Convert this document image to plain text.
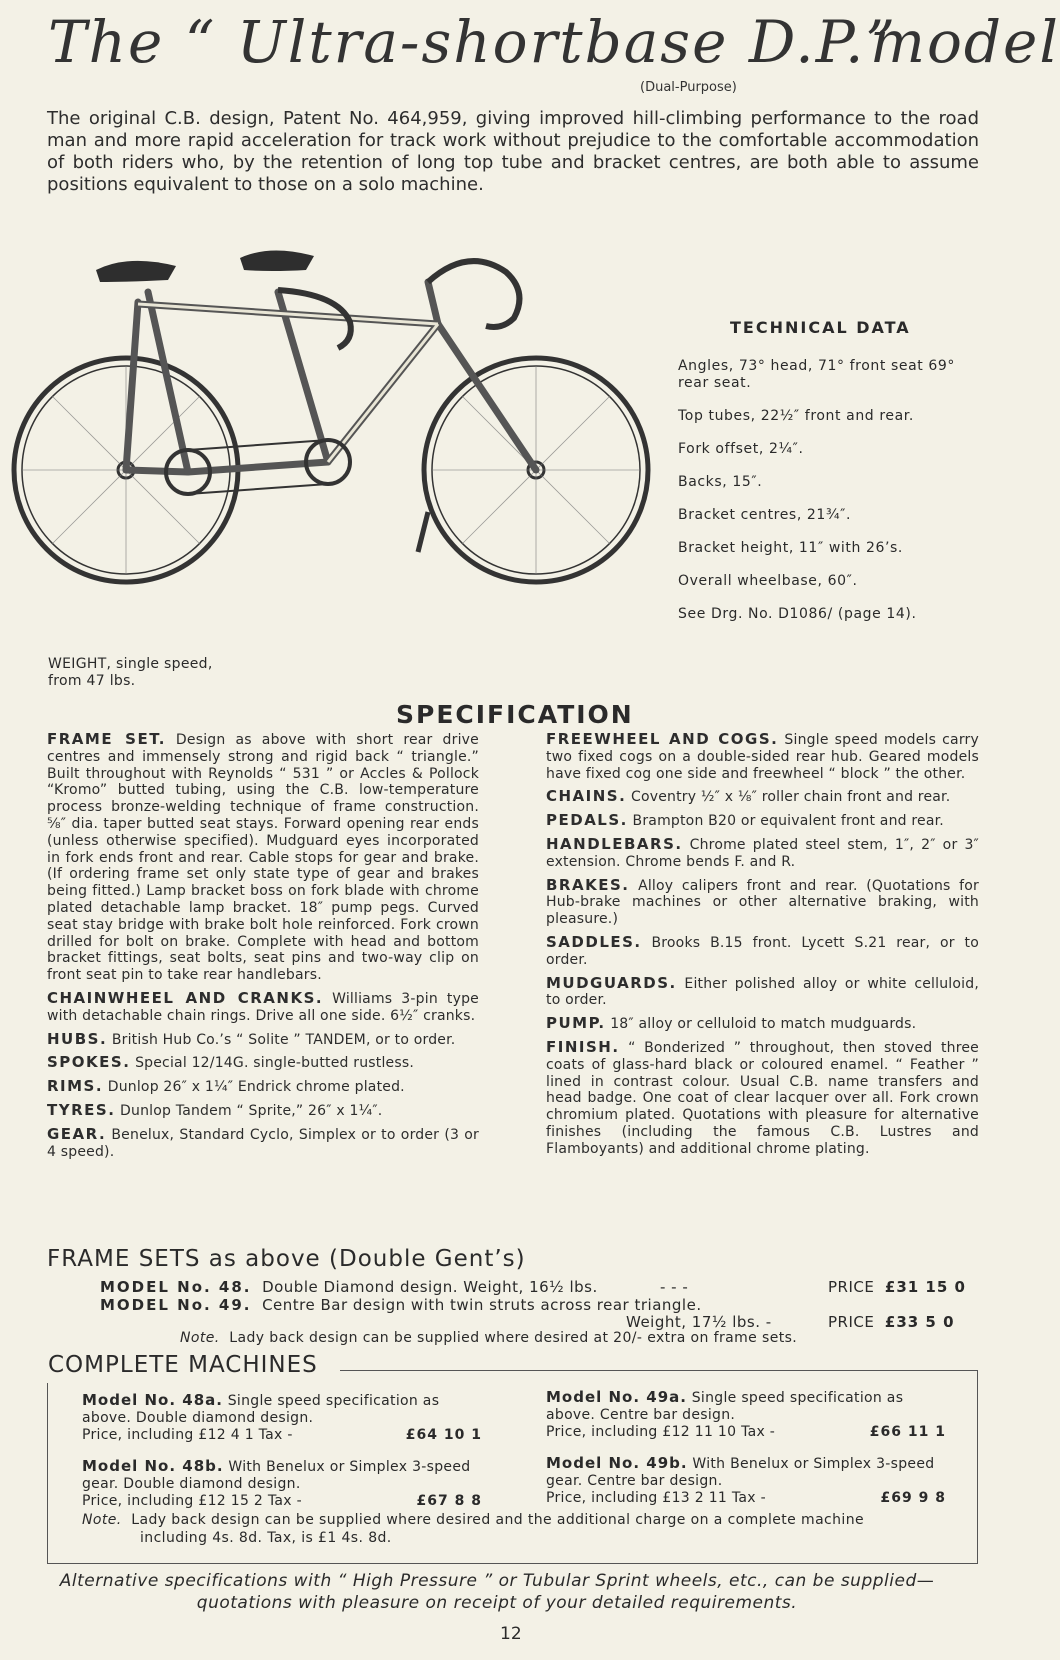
The “ Ultra-shortbase D.P.”
model
(Dual-Purpose)
The original C.B. design, Patent No. 464,959, giving improved hill-climbing performance to the road man and more rapid acceleration for track work without prejudice to the comfortable accommodation of both riders who, by the retention of long top tube and bracket centres, are both able to assume positions equivalent to those on a solo machine.
TECHNICAL DATA
Angles, 73° head, 71° front seat 69° rear seat.
Top tubes, 22½″ front and rear.
Fork offset, 2¼″.
Backs, 15″.
Bracket centres, 21¾″.
Bracket height, 11″ with 26’s.
Overall wheelbase, 60″.
See Drg. No. D1086/ (page 14).
WEIGHT, single speed,
from 47 lbs.
SPECIFICATION

FRAME SET. Design as above with short rear drive centres and immensely strong and rigid back “ triangle.” Built throughout with Reynolds “ 531 ” or Accles & Pollock “Kromo” butted tubing, using the C.B. low-temperature process bronze-welding technique of frame construction. ⅝″ dia. taper butted seat stays. Forward opening rear ends (unless otherwise specified). Mudguard eyes incorporated in fork ends front and rear. Cable stops for gear and brake. (If ordering frame set only state type of gear and brakes being fitted.) Lamp bracket boss on fork blade with chrome plated detachable lamp bracket. 18″ pump pegs. Curved seat stay bridge with brake bolt hole reinforced. Fork crown drilled for bolt on brake. Complete with head and bottom bracket fittings, seat bolts, seat pins and two-way clip on front seat pin to take rear handlebars.

CHAINWHEEL AND CRANKS. Williams 3-pin type with detachable chain rings. Drive all one side. 6½″ cranks.

HUBS. British Hub Co.’s “ Solite ” TANDEM, or to order.

SPOKES. Special 12/14G. single-butted rustless.

RIMS. Dunlop 26″ x 1¼″ Endrick chrome plated.

TYRES. Dunlop Tandem “ Sprite,” 26″ x 1¼″.

GEAR. Benelux, Standard Cyclo, Simplex or to order (3 or 4 speed).

FREEWHEEL AND COGS. Single speed models carry two fixed cogs on a double-sided rear hub. Geared models have fixed cog one side and freewheel “ block ” the other.

CHAINS. Coventry ½″ x ⅛″ roller chain front and rear.

PEDALS. Brampton B20 or equivalent front and rear.

HANDLEBARS. Chrome plated steel stem, 1″, 2″ or 3″ extension. Chrome bends F. and R.

BRAKES. Alloy calipers front and rear. (Quotations for Hub-brake machines or other alternative braking, with pleasure.)

SADDLES. Brooks B.15 front. Lycett S.21 rear, or to order.

MUDGUARDS. Either polished alloy or white celluloid, to order.

PUMP. 18″ alloy or celluloid to match mudguards.

FINISH. “ Bonderized ” throughout, then stoved three coats of glass-hard black or coloured enamel. “ Feather ” lined in contrast colour. Usual C.B. name transfers and head badge. One coat of clear lacquer over all. Fork crown chromium plated. Quotations with pleasure for alternative finishes (including the famous C.B. Lustres and Flamboyants) and additional chrome plating.

FRAME SETS as above (Double Gent’s)
MODEL No. 48. Double Diamond design. Weight, 16½ lbs.	- - -	PRICE £31 15 0
MODEL No. 49. Centre Bar design with twin struts across rear triangle.
Weight, 17½ lbs. -	PRICE £33 5 0
Note. Lady back design can be supplied where desired at 20/- extra on frame sets.
COMPLETE MACHINES
Model No. 48a. Single speed specification as above. Double diamond design.
Price, including £12 4 1 Tax -	£64 10 1
Model No. 49a. Single speed specification as above. Centre bar design.
Price, including £12 11 10 Tax -	£66 11 1
Model No. 48b. With Benelux or Simplex 3-speed gear. Double diamond design.
Price, including £12 15 2 Tax -	£67 8 8
Model No. 49b. With Benelux or Simplex 3-speed gear. Centre bar design.
Price, including £13 2 11 Tax -	£69 9 8
Note. Lady back design can be supplied where desired and the additional charge on a complete machine
including 4s. 8d. Tax, is £1 4s. 8d.
Alternative specifications with “ High Pressure ” or Tubular Sprint wheels, etc., can be supplied—
quotations with pleasure on receipt of your detailed requirements.
12
